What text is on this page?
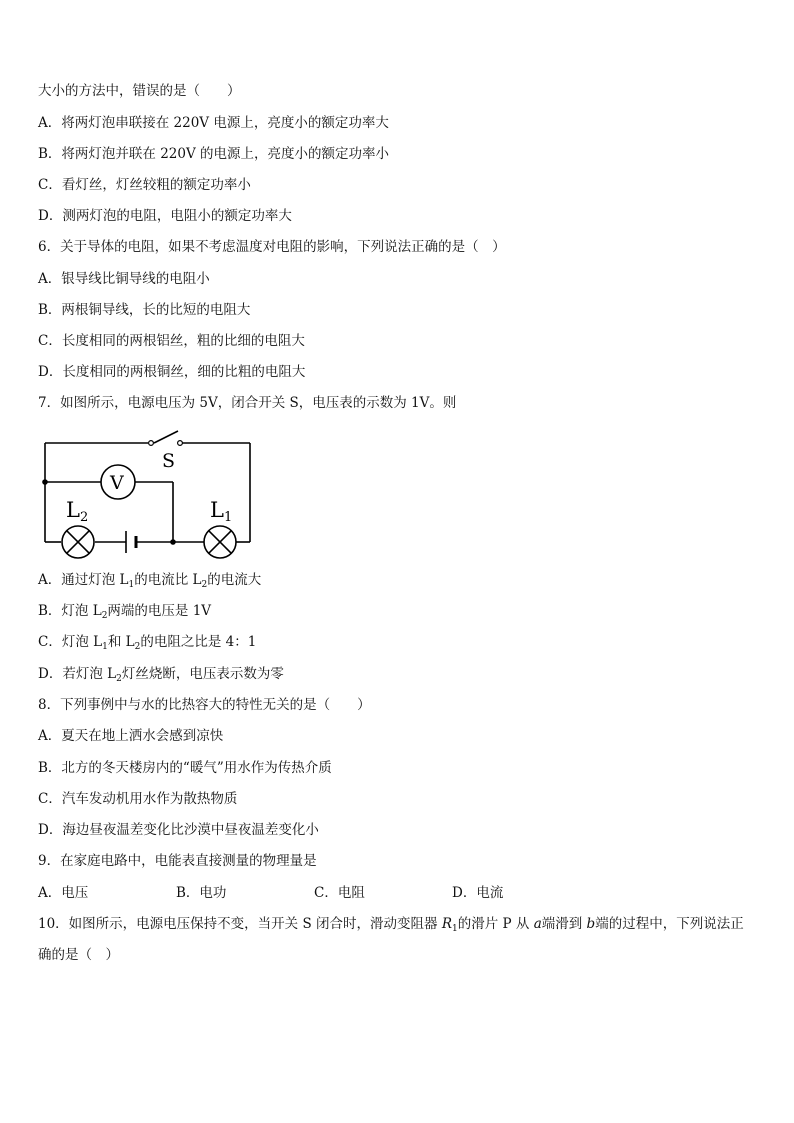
大小的方法中，错误的是（　　）
A．将两灯泡串联接在 220V 电源上，亮度小的额定功率大
B．将两灯泡并联在 220V 的电源上，亮度小的额定功率小
C．看灯丝，灯丝较粗的额定功率小
D．测两灯泡的电阻，电阻小的额定功率大
6．关于导体的电阻，如果不考虑温度对电阻的影响，下列说法正确的是（　）
A．银导线比铜导线的电阻小
B．两根铜导线，长的比短的电阻大
C．长度相同的两根铝丝，粗的比细的电阻大
D．长度相同的两根铜丝，细的比粗的电阻大
7．如图所示，电源电压为 5V，闭合开关 S，电压表的示数为 1V。则
S
V
L 2	L 1
A．通过灯泡 $L_1$的电流比 $L_2$的电流大
B．灯泡 $L_2$两端的电压是 1V
C．灯泡 $L_1$和 $L_2$的电阻之比是 4：1
D．若灯泡 $L_2$灯丝烧断，电压表示数为零
8．下列事例中与水的比热容大的特性无关的是（　　）
A．夏天在地上洒水会感到凉快
B．北方的冬天楼房内的“暖气”用水作为传热介质
C．汽车发动机用水作为散热物质
D．海边昼夜温差变化比沙漠中昼夜温差变化小
9．在家庭电路中，电能表直接测量的物理量是
A．电压	B．电功	C．电阻	D．电流
10．如图所示，电源电压保持不变，当开关 S 闭合时，滑动变阻器 $R_1$的滑片 P 从 a端滑到 b端的过程中，下列说法正
确的是（　）
